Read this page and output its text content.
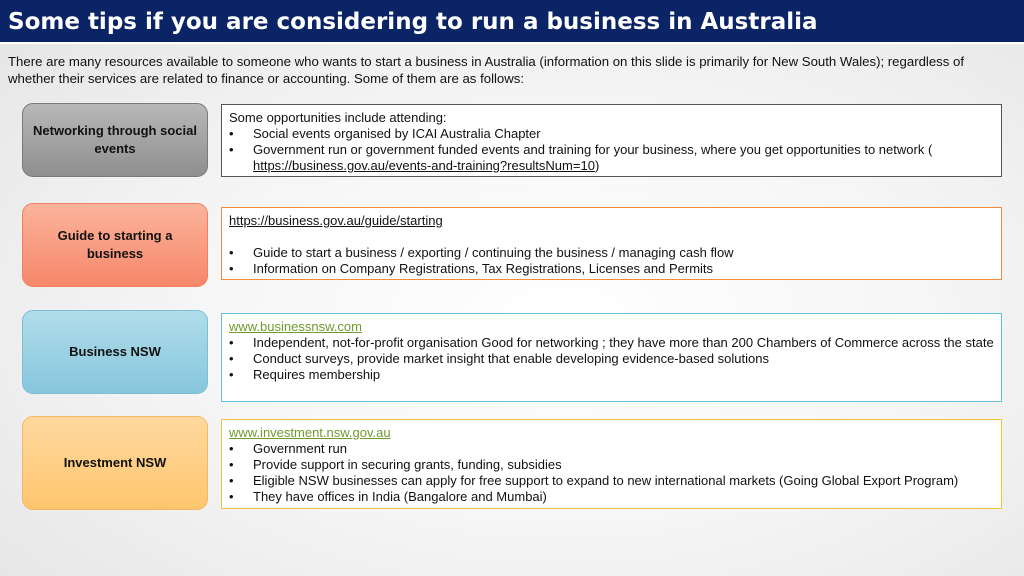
Some tips if you are considering to run a business in Australia
There are many resources available to someone who wants to start a business in Australia (information on this slide is primarily for New South Wales); regardless of whether their services are related to finance or accounting. Some of them are as follows:
Networking through social events
Some opportunities include attending:
• Social events organised by ICAI Australia Chapter
• Government run or government funded events and training for your business, where you get opportunities to network (
https://business.gov.au/events-and-training?resultsNum=10)
Guide to starting a business
https://business.gov.au/guide/starting
• Guide to start a business / exporting / continuing the business / managing cash flow
• Information on Company Registrations, Tax Registrations, Licenses and Permits
Business NSW
www.businessnsw.com
• Independent, not-for-profit organisation Good for networking ; they have more than 200 Chambers of Commerce across the state
• Conduct surveys, provide market insight that enable developing evidence-based solutions
• Requires membership
Investment NSW
www.investment.nsw.gov.au
• Government run
• Provide support in securing grants, funding, subsidies
• Eligible NSW businesses can apply for free support to expand to new international markets (Going Global Export Program)
• They have offices in India (Bangalore and Mumbai)
